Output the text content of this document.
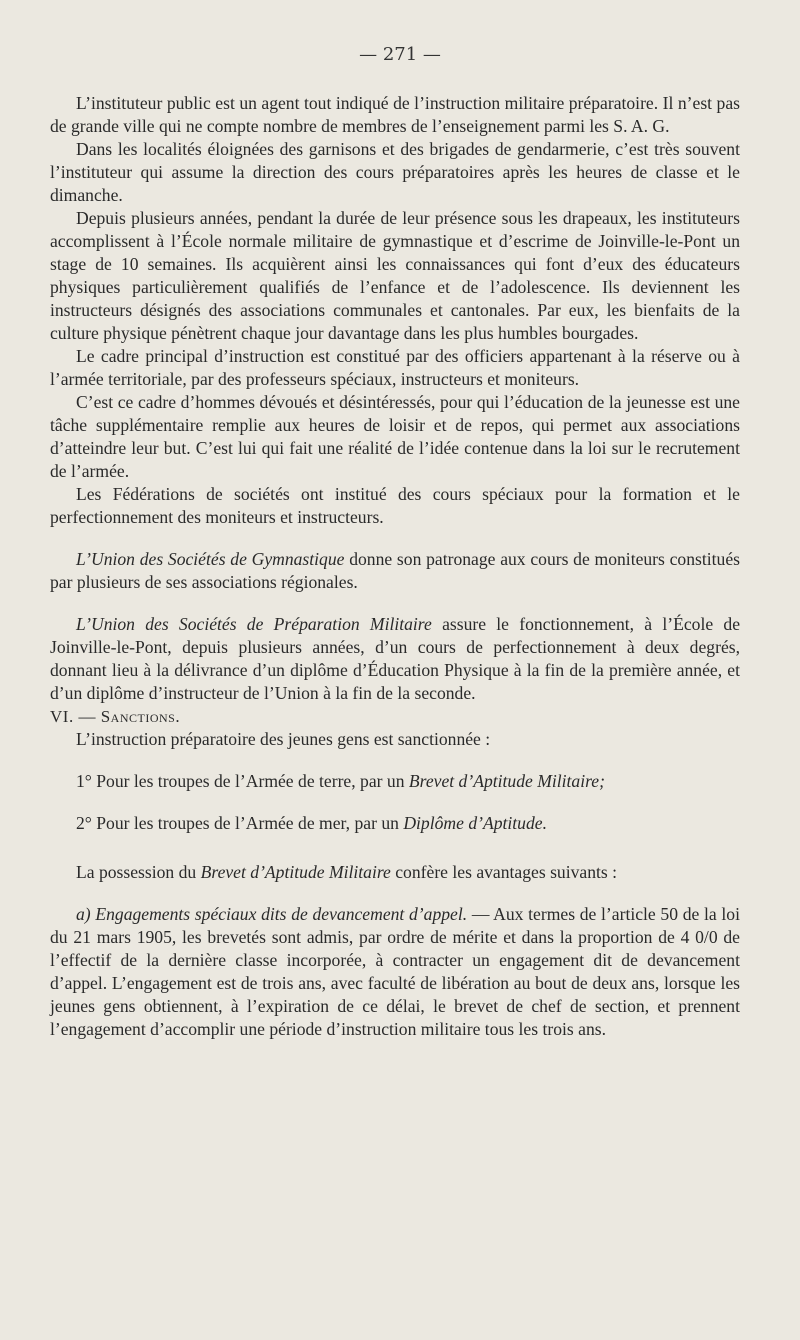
— 271 —

L’instituteur public est un agent tout indiqué de l’instruction militaire préparatoire. Il n’est pas de grande ville qui ne compte nombre de membres de l’enseignement parmi les S. A. G.

Dans les localités éloignées des garnisons et des brigades de gendarmerie, c’est très souvent l’instituteur qui assume la direction des cours préparatoires après les heures de classe et le dimanche.

Depuis plusieurs années, pendant la durée de leur présence sous les drapeaux, les instituteurs accomplissent à l’École normale militaire de gymnastique et d’escrime de Joinville-le-Pont un stage de 10 semaines. Ils acquièrent ainsi les connaissances qui font d’eux des éducateurs physiques particulièrement qualifiés de l’enfance et de l’adolescence. Ils deviennent les instructeurs désignés des associations communales et cantonales. Par eux, les bienfaits de la culture physique pénètrent chaque jour davantage dans les plus humbles bourgades.

Le cadre principal d’instruction est constitué par des officiers appartenant à la réserve ou à l’armée territoriale, par des professeurs spéciaux, instructeurs et moniteurs.

C’est ce cadre d’hommes dévoués et désintéressés, pour qui l’éducation de la jeunesse est une tâche supplémentaire remplie aux heures de loisir et de repos, qui permet aux associations d’atteindre leur but. C’est lui qui fait une réalité de l’idée contenue dans la loi sur le recrutement de l’armée.

Les Fédérations de sociétés ont institué des cours spéciaux pour la formation et le perfectionnement des moniteurs et instructeurs.

L’Union des Sociétés de Gymnastique donne son patronage aux cours de moniteurs constitués par plusieurs de ses associations régionales.

L’Union des Sociétés de Préparation Militaire assure le fonctionnement, à l’École de Joinville-le-Pont, depuis plusieurs années, d’un cours de perfectionnement à deux degrés, donnant lieu à la délivrance d’un diplôme d’Éducation Physique à la fin de la première année, et d’un diplôme d’instructeur de l’Union à la fin de la seconde.

VI. — Sanctions.

L’instruction préparatoire des jeunes gens est sanctionnée :

1° Pour les troupes de l’Armée de terre, par un Brevet d’Aptitude Militaire;

2° Pour les troupes de l’Armée de mer, par un Diplôme d’Aptitude.

La possession du Brevet d’Aptitude Militaire confère les avantages suivants :

a) Engagements spéciaux dits de devancement d’appel. — Aux termes de l’article 50 de la loi du 21 mars 1905, les brevetés sont admis, par ordre de mérite et dans la proportion de 4 0/0 de l’effectif de la dernière classe incorporée, à contracter un engagement dit de devancement d’appel. L’engagement est de trois ans, avec faculté de libération au bout de deux ans, lorsque les jeunes gens obtiennent, à l’expiration de ce délai, le brevet de chef de section, et prennent l’engagement d’accomplir une période d’instruction militaire tous les trois ans.
